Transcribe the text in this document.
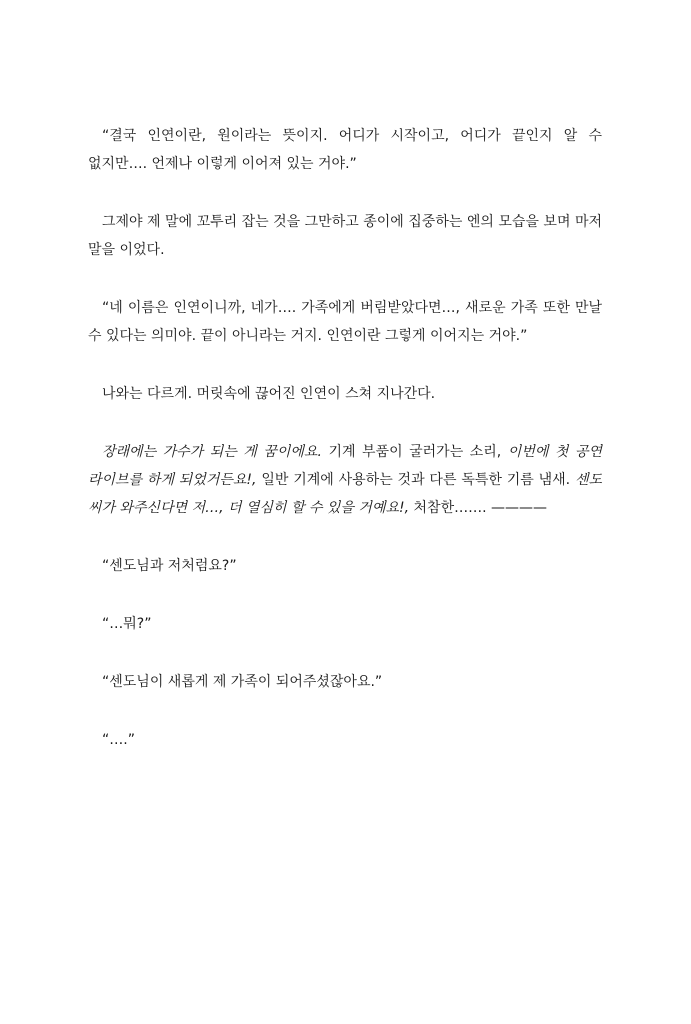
“결국 인연이란, 원이라는 뜻이지. 어디가 시작이고, 어디가 끝인지 알 수 없지만…. 언제나 이렇게 이어져 있는 거야.”

그제야 제 말에 꼬투리 잡는 것을 그만하고 종이에 집중하는 엔의 모습을 보며 마저 말을 이었다.

“네 이름은 인연이니까, 네가…. 가족에게 버림받았다면…, 새로운 가족 또한 만날 수 있다는 의미야. 끝이 아니라는 거지. 인연이란 그렇게 이어지는 거야.”

나와는 다르게. 머릿속에 끊어진 인연이 스쳐 지나간다.

장래에는 가수가 되는 게 꿈이에요. 기계 부품이 굴러가는 소리, 이번에 첫 공연 라이브를 하게 되었거든요!, 일반 기계에 사용하는 것과 다른 독특한 기름 냄새. 센도 씨가 와주신다면 저…, 더 열심히 할 수 있을 거예요!, 처참한……. ————

“센도님과 저처럼요?”

“…뭐?”

“센도님이 새롭게 제 가족이 되어주셨잖아요.”

“….”
